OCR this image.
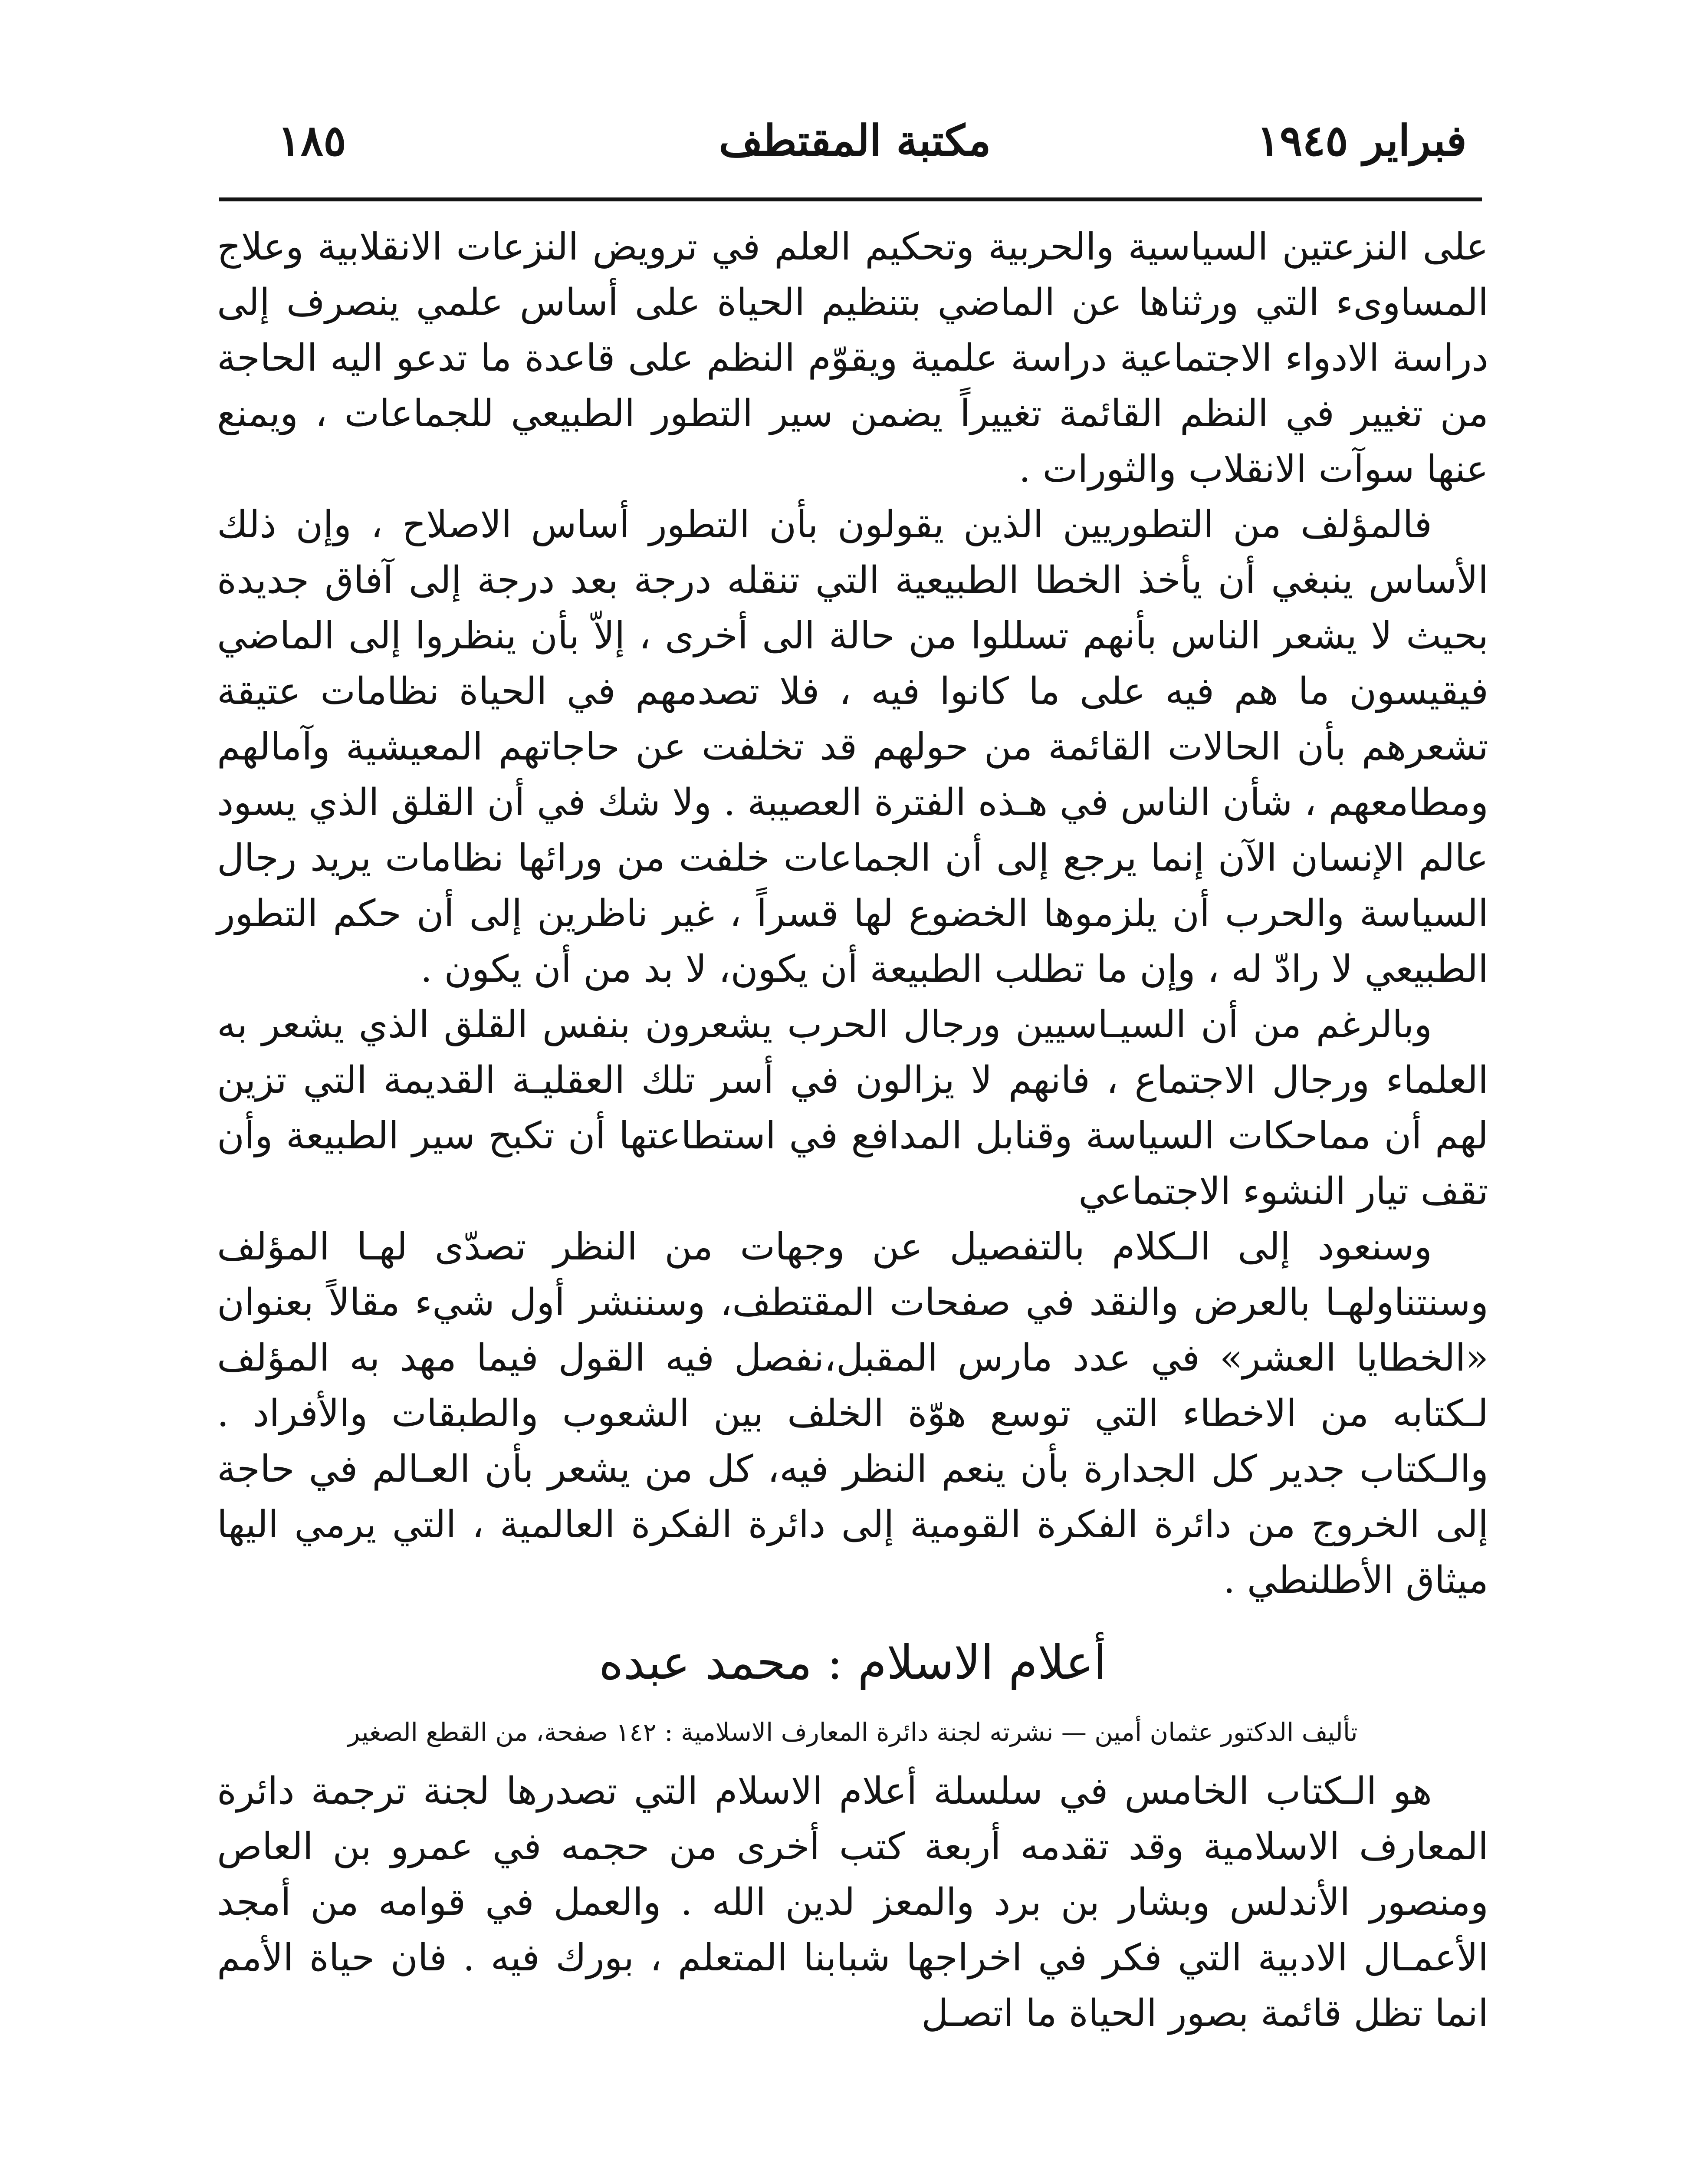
فبراير ١٩٤٥
مكتبة المقتطف
١٨٥

على النزعتين السياسية والحربية وتحكيم العلم في ترويض النزعات الانقلابية وعلاج المساوىء التي ورثناها عن الماضي بتنظيم الحياة على أساس علمي ينصرف إلى دراسة الادواء الاجتماعية دراسة علمية ويقوّم النظم على قاعدة ما تدعو اليه الحاجة من تغيير في النظم القائمة تغييراً يضمن سير التطور الطبيعي للجماعات ، ويمنع عنها سوآت الانقلاب والثورات .

فالمؤلف من التطوريين الذين يقولون بأن التطور أساس الاصلاح ، وإن ذلك الأساس ينبغي أن يأخذ الخطا الطبيعية التي تنقله درجة بعد درجة إلى آفاق جديدة بحيث لا يشعر الناس بأنهم تسللوا من حالة الى أخرى ، إلاّ بأن ينظروا إلى الماضي فيقيسون ما هم فيه على ما كانوا فيه ، فلا تصدمهم في الحياة نظامات عتيقة تشعرهم بأن الحالات القائمة من حولهم قد تخلفت عن حاجاتهم المعيشية وآمالهم ومطامعهم ، شأن الناس في هـذه الفترة العصيبة . ولا شك في أن القلق الذي يسود عالم الإنسان الآن إنما يرجع إلى أن الجماعات خلفت من ورائها نظامات يريد رجال السياسة والحرب أن يلزموها الخضوع لها قسراً ، غير ناظرين إلى أن حكم التطور الطبيعي لا رادّ له ، وإن ما تطلب الطبيعة أن يكون، لا بد من أن يكون .

وبالرغم من أن السيـاسيين ورجال الحرب يشعرون بنفس القلق الذي يشعر به العلماء ورجال الاجتماع ، فانهم لا يزالون في أسر تلك العقليـة القديمة التي تزين لهم أن مماحكات السياسة وقنابل المدافع في استطاعتها أن تكبح سير الطبيعة وأن تقف تيار النشوء الاجتماعي

وسنعود إلى الـكلام بالتفصيل عن وجهات من النظر تصدّى لهـا المؤلف وسنتناولهـا بالعرض والنقد في صفحات المقتطف، وسننشر أول شيء مقالاً بعنوان «الخطايا العشر» في عدد مارس المقبل،نفصل فيه القول فيما مهد به المؤلف لـكتابه من الاخطاء التي توسع هوّة الخلف بين الشعوب والطبقات والأفراد . والـكتاب جدير كل الجدارة بأن ينعم النظر فيه، كل من يشعر بأن العـالم في حاجة إلى الخروج من دائرة الفكرة القومية إلى دائرة الفكرة العالمية ، التي يرمي اليها ميثاق الأطلنطي .

أعلام الاسلام : محمد عبده
تأليف الدكتور عثمان أمين — نشرته لجنة دائرة المعارف الاسلامية : ١٤٢ صفحة، من القطع الصغير

هو الـكتاب الخامس في سلسلة أعلام الاسلام التي تصدرها لجنة ترجمة دائرة المعارف الاسلامية وقد تقدمه أربعة كتب أخرى من حجمه في عمرو بن العاص ومنصور الأندلس وبشار بن برد والمعز لدين الله . والعمل في قوامه من أمجد الأعمـال الادبية التي فكر في اخراجها شبابنا المتعلم ، بورك فيه . فان حياة الأمم انما تظل قائمة بصور الحياة ما اتصـل
